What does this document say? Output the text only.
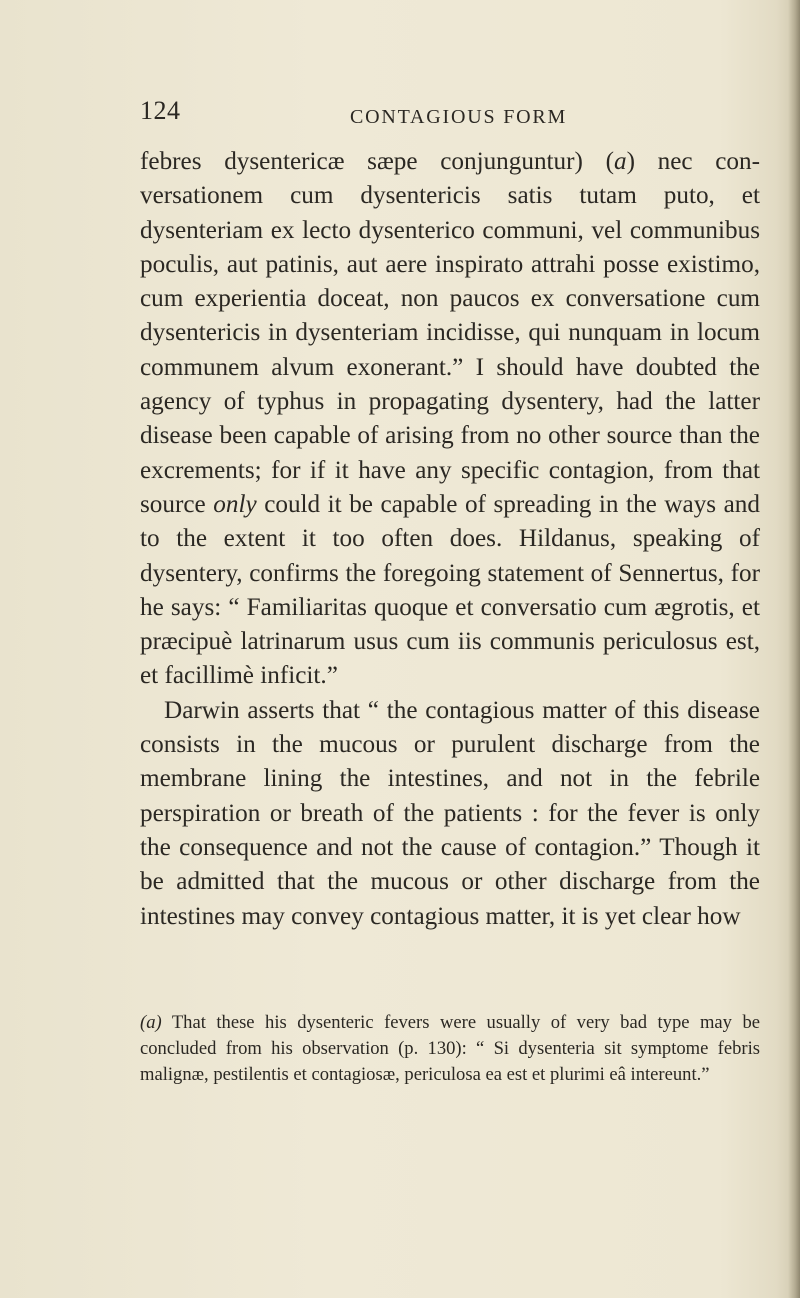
124	CONTAGIOUS FORM

febres dysentericæ sæpe conjunguntur) (a) nec conversationem cum dysentericis satis tutam puto, et dysenteriam ex lecto dysenterico communi, vel communibus poculis, aut patinis, aut aere inspirato attrahi posse existimo, cum experientia doceat, non paucos ex conversatione cum dysentericis in dysenteriam incidisse, qui nunquam in locum communem alvum exonerant.” I should have doubted the agency of typhus in propagating dysentery, had the latter disease been capable of arising from no other source than the excrements; for if it have any specific contagion, from that source only could it be capable of spreading in the ways and to the extent it too often does. Hildanus, speaking of dysentery, confirms the foregoing statement of Sennertus, for he says: “ Familiaritas quoque et conversatio cum ægrotis, et præcipuè latrinarum usus cum iis communis periculosus est, et facillimè inficit.”

Darwin asserts that “ the contagious matter of this disease consists in the mucous or purulent discharge from the membrane lining the intestines, and not in the febrile perspiration or breath of the patients : for the fever is only the consequence and not the cause of contagion.” Though it be admitted that the mucous or other discharge from the intestines may convey contagious matter, it is yet clear how

(a) That these his dysenteric fevers were usually of very bad type may be concluded from his observation (p. 130): “ Si dysenteria sit symptome febris malignæ, pestilentis et contagiosæ, periculosa ea est et plurimi eâ intereunt.”
